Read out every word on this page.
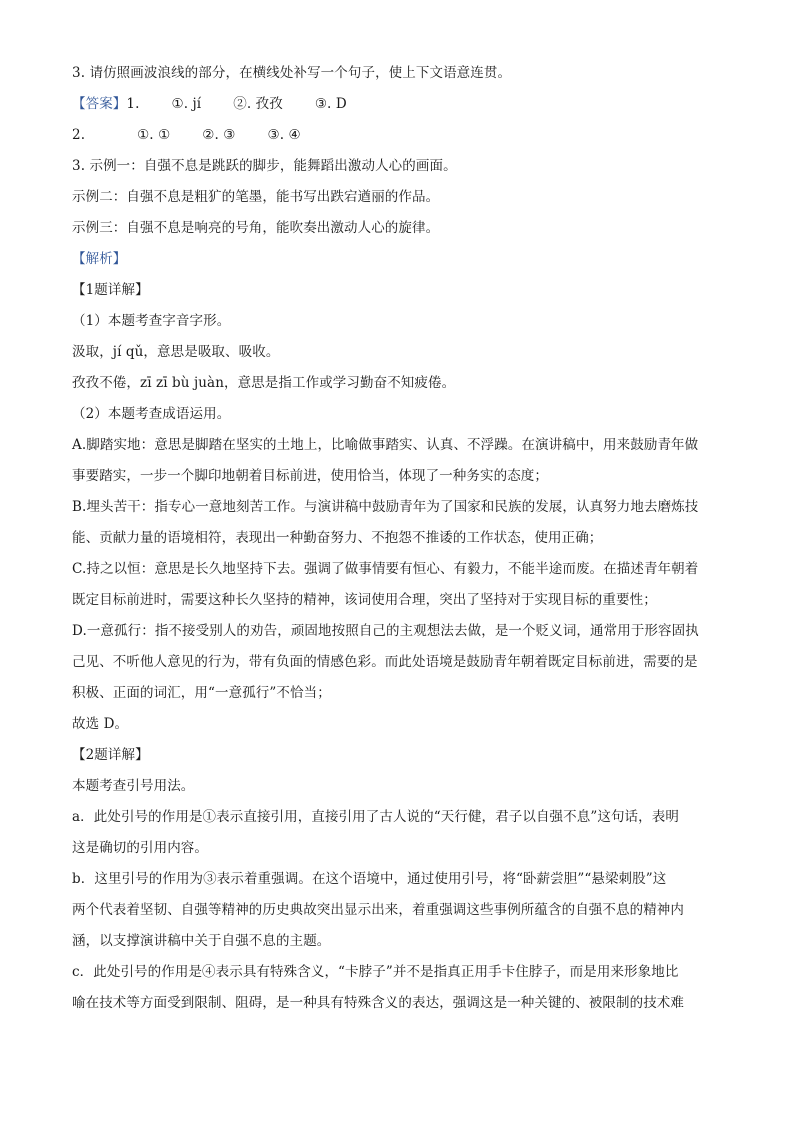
3. 请仿照画波浪线的部分，在横线处补写一个句子，使上下文语意连贯。
【答案】1. ①. jí ②. 孜孜 ③. D
2.	①. ① ②. ③ ③. ④
3. 示例一：自强不息是跳跃的脚步，能舞蹈出激动人心的画面。
示例二：自强不息是粗犷的笔墨，能书写出跌宕遒丽的作品。
示例三：自强不息是响亮的号角，能吹奏出激动人心的旋律。
【解析】
【1题详解】
（1）本题考查字音字形。
汲取，jí qǔ，意思是吸取、吸收。
孜孜不倦，zī zī bù juàn，意思是指工作或学习勤奋不知疲倦。
（2）本题考查成语运用。
A.脚踏实地：意思是脚踏在坚实的土地上，比喻做事踏实、认真、不浮躁。在演讲稿中，用来鼓励青年做
事要踏实，一步一个脚印地朝着目标前进，使用恰当，体现了一种务实的态度；
B.埋头苦干：指专心一意地刻苦工作。与演讲稿中鼓励青年为了国家和民族的发展，认真努力地去磨炼技
能、贡献力量的语境相符，表现出一种勤奋努力、不抱怨不推诿的工作状态，使用正确；
C.持之以恒：意思是长久地坚持下去。强调了做事情要有恒心、有毅力，不能半途而废。在描述青年朝着
既定目标前进时，需要这种长久坚持的精神，该词使用合理，突出了坚持对于实现目标的重要性；
D.一意孤行：指不接受别人的劝告，顽固地按照自己的主观想法去做，是一个贬义词，通常用于形容固执
己见、不听他人意见的行为，带有负面的情感色彩。而此处语境是鼓励青年朝着既定目标前进，需要的是
积极、正面的词汇，用“一意孤行”不恰当；
故选 D。
【2题详解】
本题考查引号用法。
a．此处引号的作用是①表示直接引用，直接引用了古人说的“天行健，君子以自强不息”这句话，表明
这是确切的引用内容。
b．这里引号的作用为③表示着重强调。在这个语境中，通过使用引号，将“卧薪尝胆”“悬梁刺股”这
两个代表着坚韧、自强等精神的历史典故突出显示出来，着重强调这些事例所蕴含的自强不息的精神内
涵，以支撑演讲稿中关于自强不息的主题。
c．此处引号的作用是④表示具有特殊含义，“卡脖子”并不是指真正用手卡住脖子，而是用来形象地比
喻在技术等方面受到限制、阻碍，是一种具有特殊含义的表达，强调这是一种关键的、被限制的技术难
